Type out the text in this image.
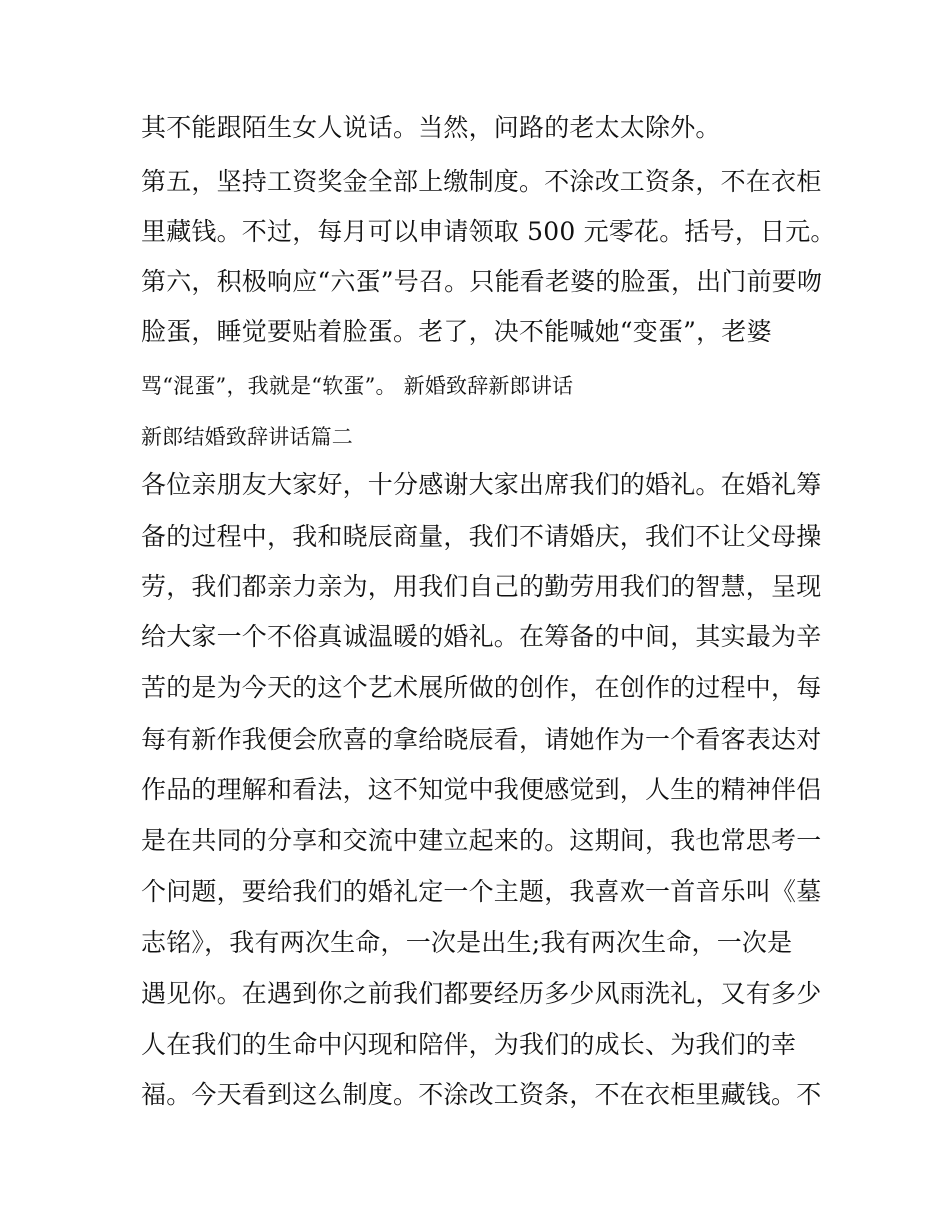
其不能跟陌生女人说话。当然，问路的老太太除外。
第五，坚持工资奖金全部上缴制度。不涂改工资条，不在衣柜
里藏钱。不过，每月可以申请领取 500 元零花。括号，日元。
第六，积极响应“六蛋”号召。只能看老婆的脸蛋，出门前要吻
脸蛋，睡觉要贴着脸蛋。老了，决不能喊她“变蛋”，老婆
骂“混蛋”，我就是“软蛋”。 新婚致辞新郎讲话
新郎结婚致辞讲话篇二
各位亲朋友大家好，十分感谢大家出席我们的婚礼。在婚礼筹
备的过程中，我和晓辰商量，我们不请婚庆，我们不让父母操
劳，我们都亲力亲为，用我们自己的勤劳用我们的智慧，呈现
给大家一个不俗真诚温暖的婚礼。在筹备的中间，其实最为辛
苦的是为今天的这个艺术展所做的创作，在创作的过程中，每
每有新作我便会欣喜的拿给晓辰看，请她作为一个看客表达对
作品的理解和看法，这不知觉中我便感觉到，人生的精神伴侣
是在共同的分享和交流中建立起来的。这期间，我也常思考一
个问题，要给我们的婚礼定一个主题，我喜欢一首音乐叫《墓
志铭》，我有两次生命，一次是出生;我有两次生命，一次是
遇见你。在遇到你之前我们都要经历多少风雨洗礼，又有多少
人在我们的生命中闪现和陪伴，为我们的成长、为我们的幸
福。今天看到这么制度。不涂改工资条，不在衣柜里藏钱。不
